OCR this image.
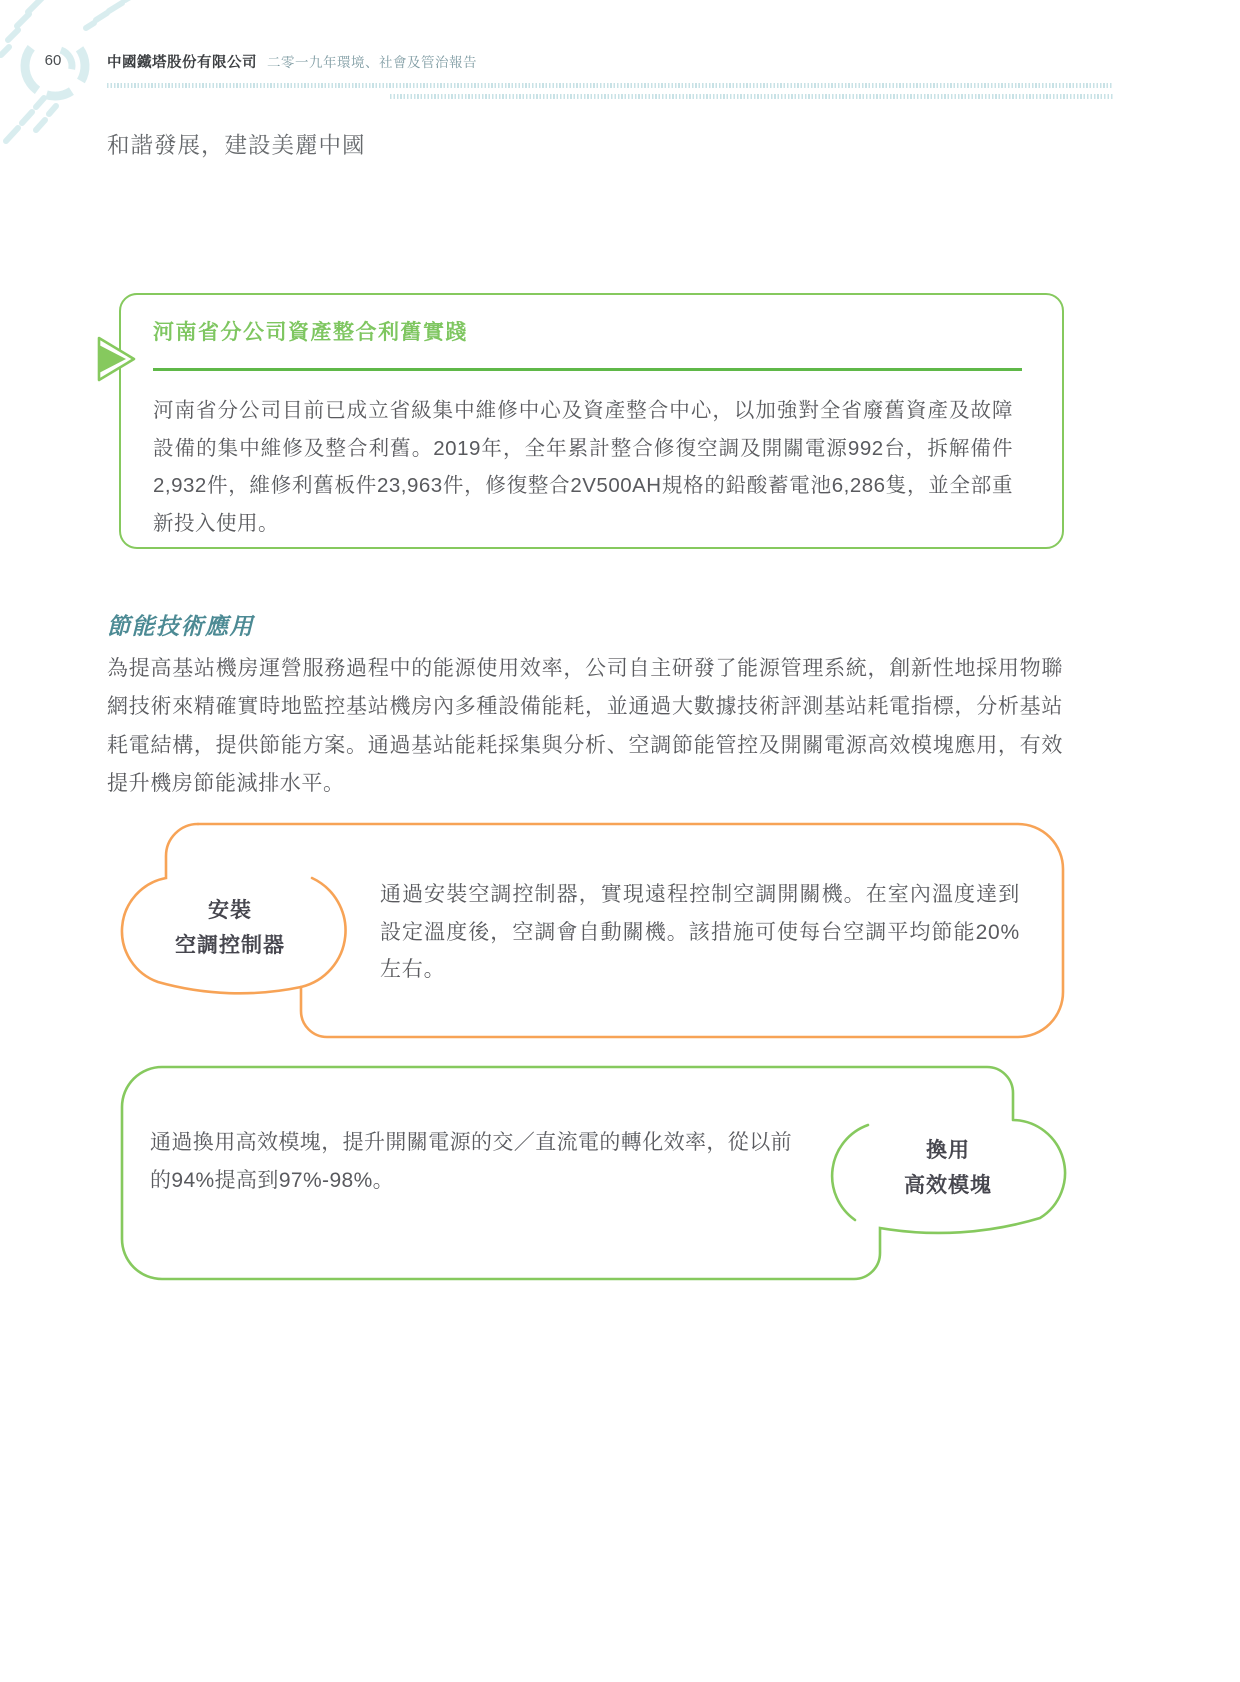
60	中國鐵塔股份有限公司 二零一九年環境、社會及管治報告
和諧發展，建設美麗中國
河南省分公司資產整合利舊實踐
河南省分公司目前已成立省級集中維修中心及資產整合中心，以加強對全省廢舊資產及故障設備的集中維修及整合利舊。2019年，全年累計整合修復空調及開關電源992台，拆解備件2,932件，維修利舊板件23,963件，修復整合2V500AH規格的鉛酸蓄電池6,286隻，並全部重新投入使用。
節能技術應用
為提高基站機房運營服務過程中的能源使用效率，公司自主研發了能源管理系統，創新性地採用物聯網技術來精確實時地監控基站機房內多種設備能耗，並通過大數據技術評測基站耗電指標，分析基站耗電結構，提供節能方案。通過基站能耗採集與分析、空調節能管控及開關電源高效模塊應用，有效提升機房節能減排水平。
安裝
空調控制器
通過安裝空調控制器，實現遠程控制空調開關機。在室內溫度達到設定溫度後，空調會自動關機。該措施可使每台空調平均節能20%左右。
換用
高效模塊
通過換用高效模塊，提升開關電源的交／直流電的轉化效率，從以前的94%提高到97%-98%。
